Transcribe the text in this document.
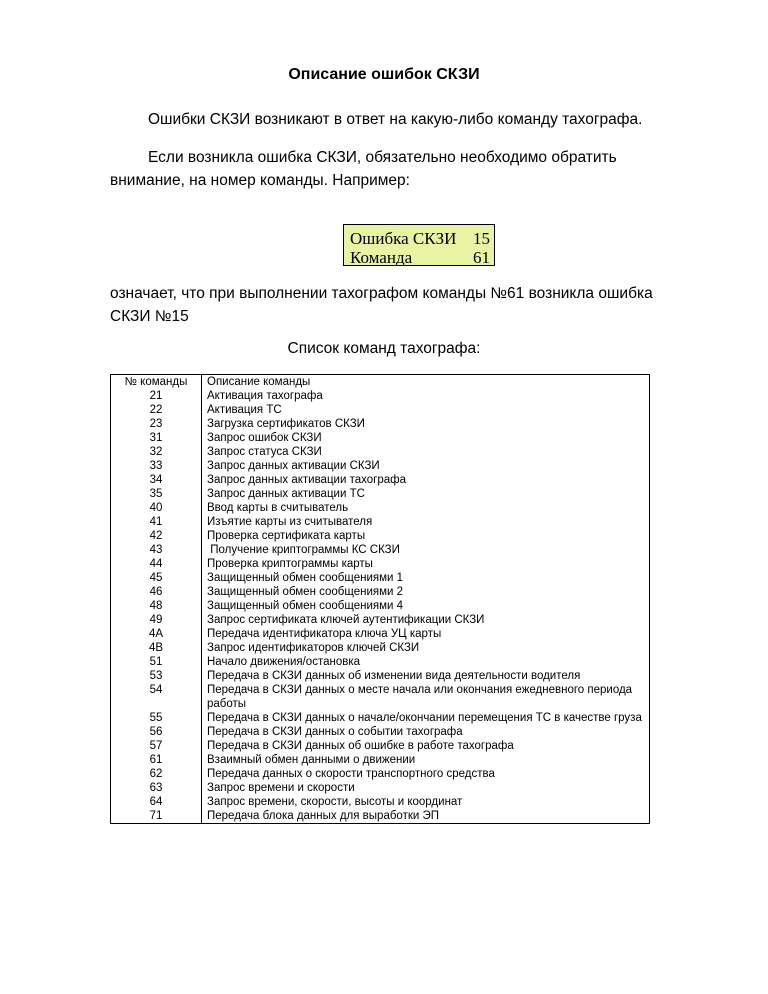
Описание ошибок СКЗИ
Ошибки СКЗИ возникают в ответ на какую-либо команду тахографа.
Если возникла ошибка СКЗИ, обязательно необходимо обратить внимание, на номер команды. Например:
Ошибка СКЗИ 15
Команда	61
означает, что при выполнении тахографом команды №61 возникла ошибка СКЗИ №15
Список команд тахографа:
№ команды	Описание команды
21	Активация тахографа
22	Активация ТС
23	Загрузка сертификатов СКЗИ
31	Запрос ошибок СКЗИ
32	Запрос статуса СКЗИ
33	Запрос данных активации СКЗИ
34	Запрос данных активации тахографа
35	Запрос данных активации ТС
40	Ввод карты в считыватель
41	Изъятие карты из считывателя
42	Проверка сертификата карты
43	Получение криптограммы КС СКЗИ
44	Проверка криптограммы карты
45	Защищенный обмен сообщениями 1
46	Защищенный обмен сообщениями 2
48	Защищенный обмен сообщениями 4
49	Запрос сертификата ключей аутентификации СКЗИ
4A	Передача идентификатора ключа УЦ карты
4B	Запрос идентификаторов ключей СКЗИ
51	Начало движения/остановка
53	Передача в СКЗИ данных об изменении вида деятельности водителя
54	Передача в СКЗИ данных о месте начала или окончания ежедневного периода работы
55	Передача в СКЗИ данных о начале/окончании перемещения ТС в качестве груза
56	Передача в СКЗИ данных о событии тахографа
57	Передача в СКЗИ данных об ошибке в работе тахографа
61	Взаимный обмен данными о движении
62	Передача данных о скорости транспортного средства
63	Запрос времени и скорости
64	Запрос времени, скорости, высоты и координат
71	Передача блока данных для выработки ЭП
